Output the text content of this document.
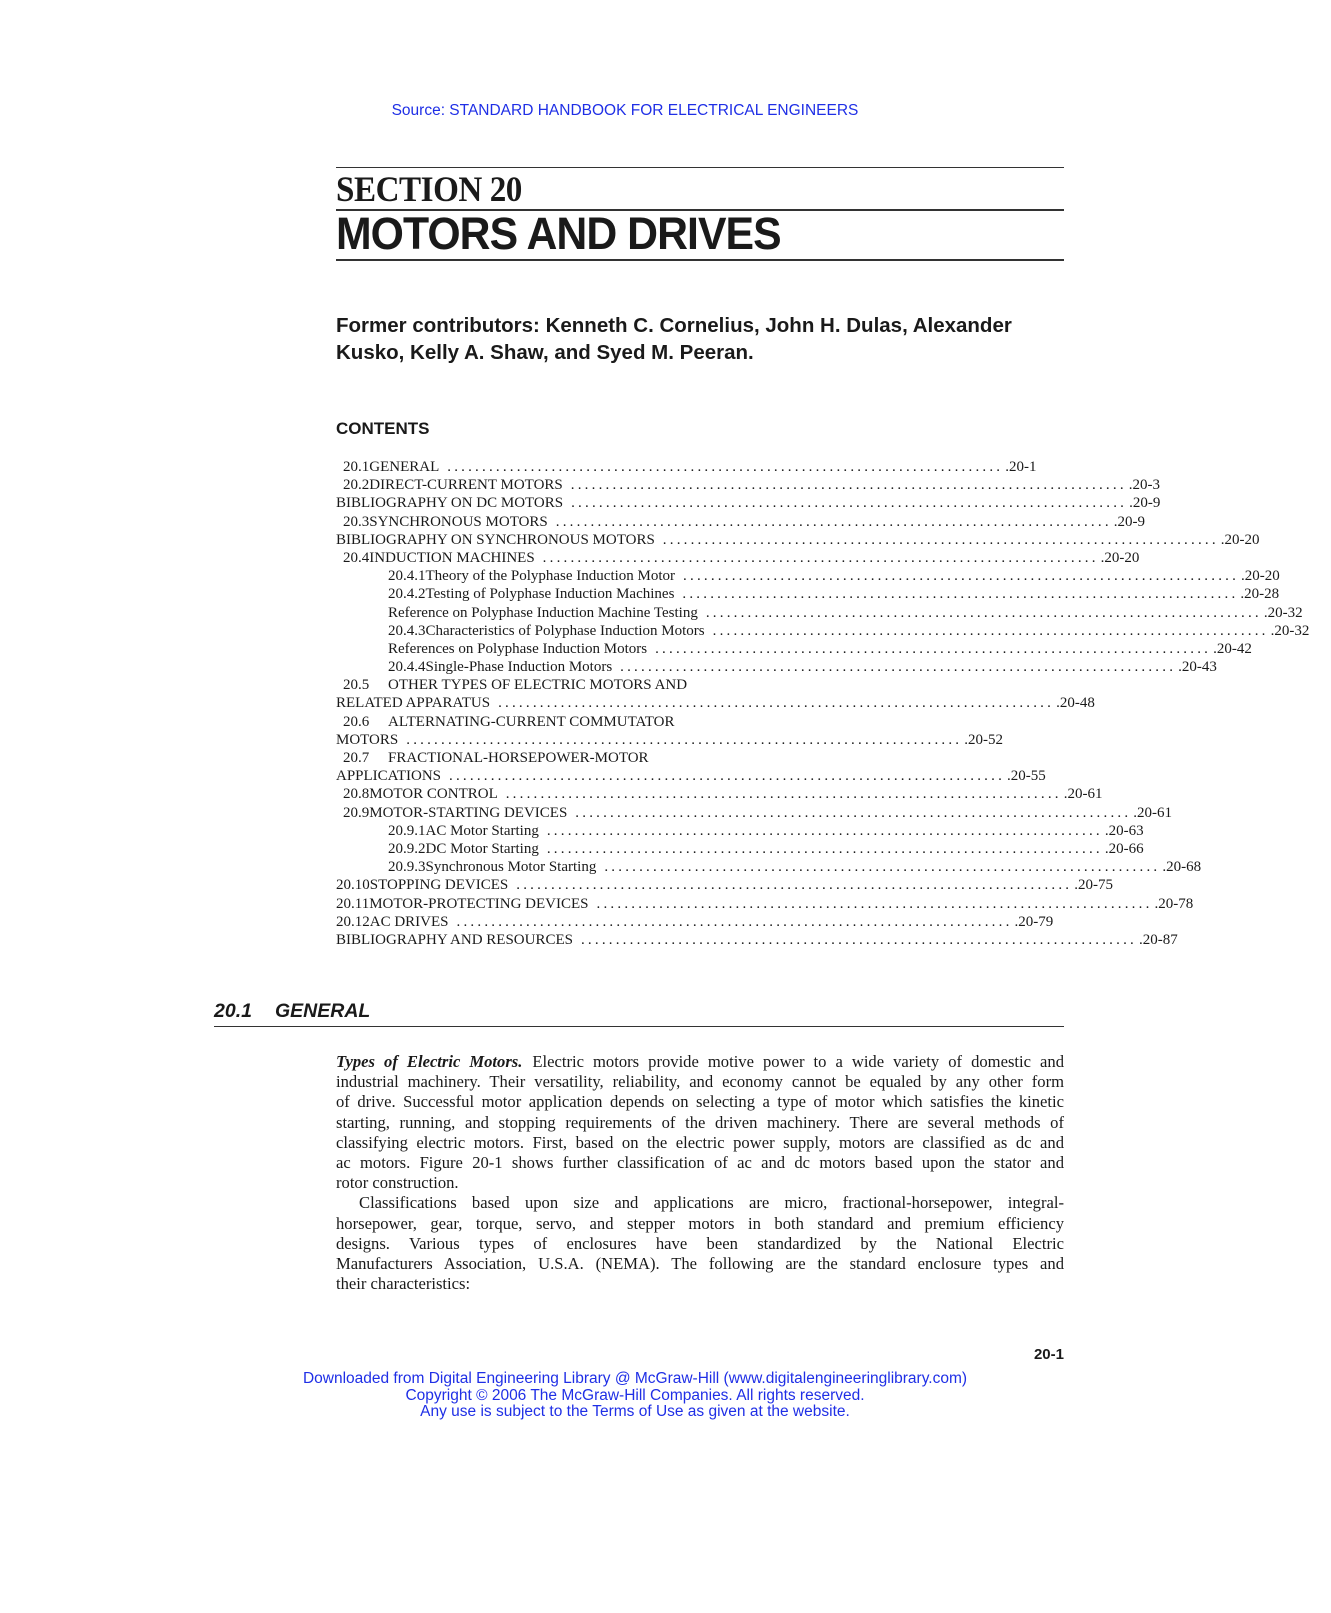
Source: STANDARD HANDBOOK FOR ELECTRICAL ENGINEERS
SECTION 20
MOTORS AND DRIVES
Former contributors: Kenneth C. Cornelius, John H. Dulas, Alexander Kusko, Kelly A. Shaw, and Syed M. Peeran.
CONTENTS
20.1 GENERAL ................................................................................ .20-1
20.2 DIRECT-CURRENT MOTORS ................................................................................ .20-3
BIBLIOGRAPHY ON DC MOTORS ................................................................................ .20-9
20.3 SYNCHRONOUS MOTORS ................................................................................ .20-9
BIBLIOGRAPHY ON SYNCHRONOUS MOTORS ................................................................................ .20-20
20.4 INDUCTION MACHINES ................................................................................ .20-20
20.4.1 Theory of the Polyphase Induction Motor ................................................................................ .20-20
20.4.2 Testing of Polyphase Induction Machines ................................................................................ .20-28
Reference on Polyphase Induction Machine Testing ................................................................................ .20-32
20.4.3 Characteristics of Polyphase Induction Motors ................................................................................ .20-32
References on Polyphase Induction Motors ................................................................................ .20-42
20.4.4 Single-Phase Induction Motors ................................................................................ .20-43
20.5	OTHER TYPES OF ELECTRIC MOTORS AND
RELATED APPARATUS ................................................................................ .20-48
20.6	ALTERNATING-CURRENT COMMUTATOR
MOTORS ................................................................................ .20-52
20.7	FRACTIONAL-HORSEPOWER-MOTOR
APPLICATIONS ................................................................................ .20-55
20.8 MOTOR CONTROL ................................................................................ .20-61
20.9 MOTOR-STARTING DEVICES ................................................................................ .20-61
20.9.1 AC Motor Starting ................................................................................ .20-63
20.9.2 DC Motor Starting ................................................................................ .20-66
20.9.3 Synchronous Motor Starting ................................................................................ .20-68
20.10 STOPPING DEVICES ................................................................................ .20-75
20.11 MOTOR-PROTECTING DEVICES ................................................................................ .20-78
20.12 AC DRIVES ................................................................................ .20-79
BIBLIOGRAPHY AND RESOURCES ................................................................................ .20-87
20.1 GENERAL
Types of Electric Motors. Electric motors provide motive power to a wide variety of domestic and
industrial machinery. Their versatility, reliability, and economy cannot be equaled by any other form
of drive. Successful motor application depends on selecting a type of motor which satisfies the kinetic
starting, running, and stopping requirements of the driven machinery. There are several methods of
classifying electric motors. First, based on the electric power supply, motors are classified as dc and
ac motors. Figure 20-1 shows further classification of ac and dc motors based upon the stator and
rotor construction.
Classifications based upon size and applications are micro, fractional-horsepower, integral-
horsepower, gear, torque, servo, and stepper motors in both standard and premium efficiency
designs. Various types of enclosures have been standardized by the National Electric
Manufacturers Association, U.S.A. (NEMA). The following are the standard enclosure types and
their characteristics:
20-1
Downloaded from Digital Engineering Library @ McGraw-Hill (www.digitalengineeringlibrary.com)
Copyright © 2006 The McGraw-Hill Companies. All rights reserved.
Any use is subject to the Terms of Use as given at the website.
